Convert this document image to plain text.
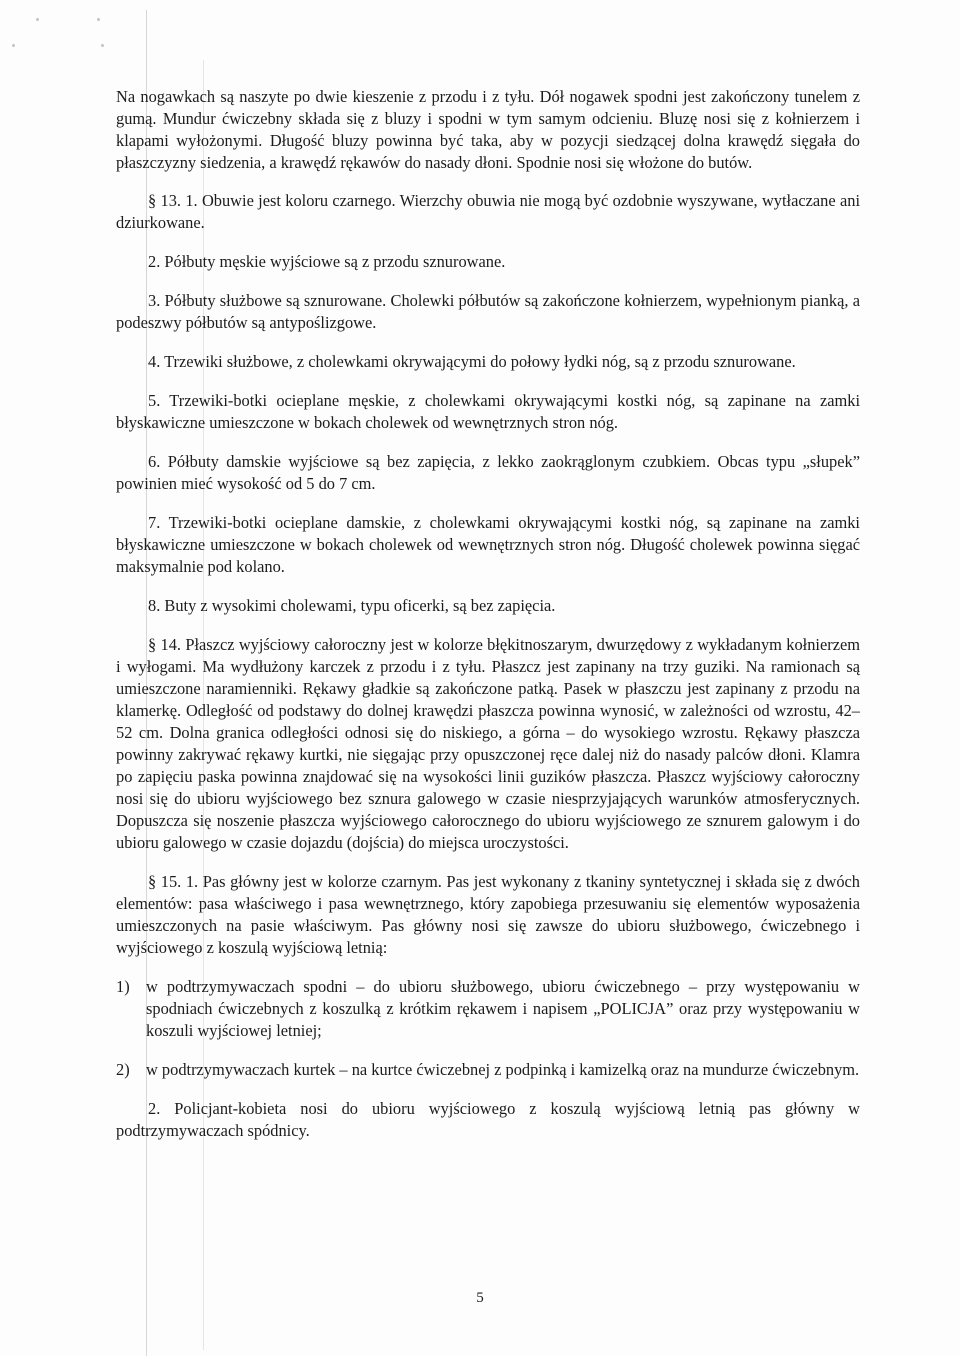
Na nogawkach są naszyte po dwie kieszenie z przodu i z tyłu. Dół nogawek spodni jest zakończony tunelem z gumą. Mundur ćwiczebny składa się z bluzy i spodni w tym samym odcieniu. Bluzę nosi się z kołnierzem i klapami wyłożonymi. Długość bluzy powinna być taka, aby w pozycji siedzącej dolna krawędź sięgała do płaszczyzny siedzenia, a krawędź rękawów do nasady dłoni. Spodnie nosi się włożone do butów.

§ 13. 1. Obuwie jest koloru czarnego. Wierzchy obuwia nie mogą być ozdobnie wyszywane, wytłaczane ani dziurkowane.

2. Półbuty męskie wyjściowe są z przodu sznurowane.

3. Półbuty służbowe są sznurowane. Cholewki półbutów są zakończone kołnierzem, wypełnionym pianką, a podeszwy półbutów są antypoślizgowe.

4. Trzewiki służbowe, z cholewkami okrywającymi do połowy łydki nóg, są z przodu sznurowane.

5. Trzewiki-botki ocieplane męskie, z cholewkami okrywającymi kostki nóg, są zapinane na zamki błyskawiczne umieszczone w bokach cholewek od wewnętrznych stron nóg.

6. Półbuty damskie wyjściowe są bez zapięcia, z lekko zaokrąglonym czubkiem. Obcas typu „słupek” powinien mieć wysokość od 5 do 7 cm.

7. Trzewiki-botki ocieplane damskie, z cholewkami okrywającymi kostki nóg, są zapinane na zamki błyskawiczne umieszczone w bokach cholewek od wewnętrznych stron nóg. Długość cholewek powinna sięgać maksymalnie pod kolano.

8. Buty z wysokimi cholewami, typu oficerki, są bez zapięcia.

§ 14. Płaszcz wyjściowy całoroczny jest w kolorze błękitnoszarym, dwurzędowy z wykładanym kołnierzem i wyłogami. Ma wydłużony karczek z przodu i z tyłu. Płaszcz jest zapinany na trzy guziki. Na ramionach są umieszczone naramienniki. Rękawy gładkie są zakończone patką. Pasek w płaszczu jest zapinany z przodu na klamerkę. Odległość od podstawy do dolnej krawędzi płaszcza powinna wynosić, w zależności od wzrostu, 42–52 cm. Dolna granica odległości odnosi się do niskiego, a górna – do wysokiego wzrostu. Rękawy płaszcza powinny zakrywać rękawy kurtki, nie sięgając przy opuszczonej ręce dalej niż do nasady palców dłoni. Klamra po zapięciu paska powinna znajdować się na wysokości linii guzików płaszcza. Płaszcz wyjściowy całoroczny nosi się do ubioru wyjściowego bez sznura galowego w czasie niesprzyjających warunków atmosferycznych. Dopuszcza się noszenie płaszcza wyjściowego całorocznego do ubioru wyjściowego ze sznurem galowym i do ubioru galowego w czasie dojazdu (dojścia) do miejsca uroczystości.

§ 15. 1. Pas główny jest w kolorze czarnym. Pas jest wykonany z tkaniny syntetycznej i składa się z dwóch elementów: pasa właściwego i pasa wewnętrznego, który zapobiega przesuwaniu się elementów wyposażenia umieszczonych na pasie właściwym. Pas główny nosi się zawsze do ubioru służbowego, ćwiczebnego i wyjściowego z koszulą wyjściową letnią:

1) w podtrzymywaczach spodni – do ubioru służbowego, ubioru ćwiczebnego – przy występowaniu w spodniach ćwiczebnych z koszulką z krótkim rękawem i napisem „POLICJA” oraz przy występowaniu w koszuli wyjściowej letniej;
2) w podtrzymywaczach kurtek – na kurtce ćwiczebnej z podpinką i kamizelką oraz na mundurze ćwiczebnym.

2. Policjant-kobieta nosi do ubioru wyjściowego z koszulą wyjściową letnią pas główny w podtrzymywaczach spódnicy.

5
